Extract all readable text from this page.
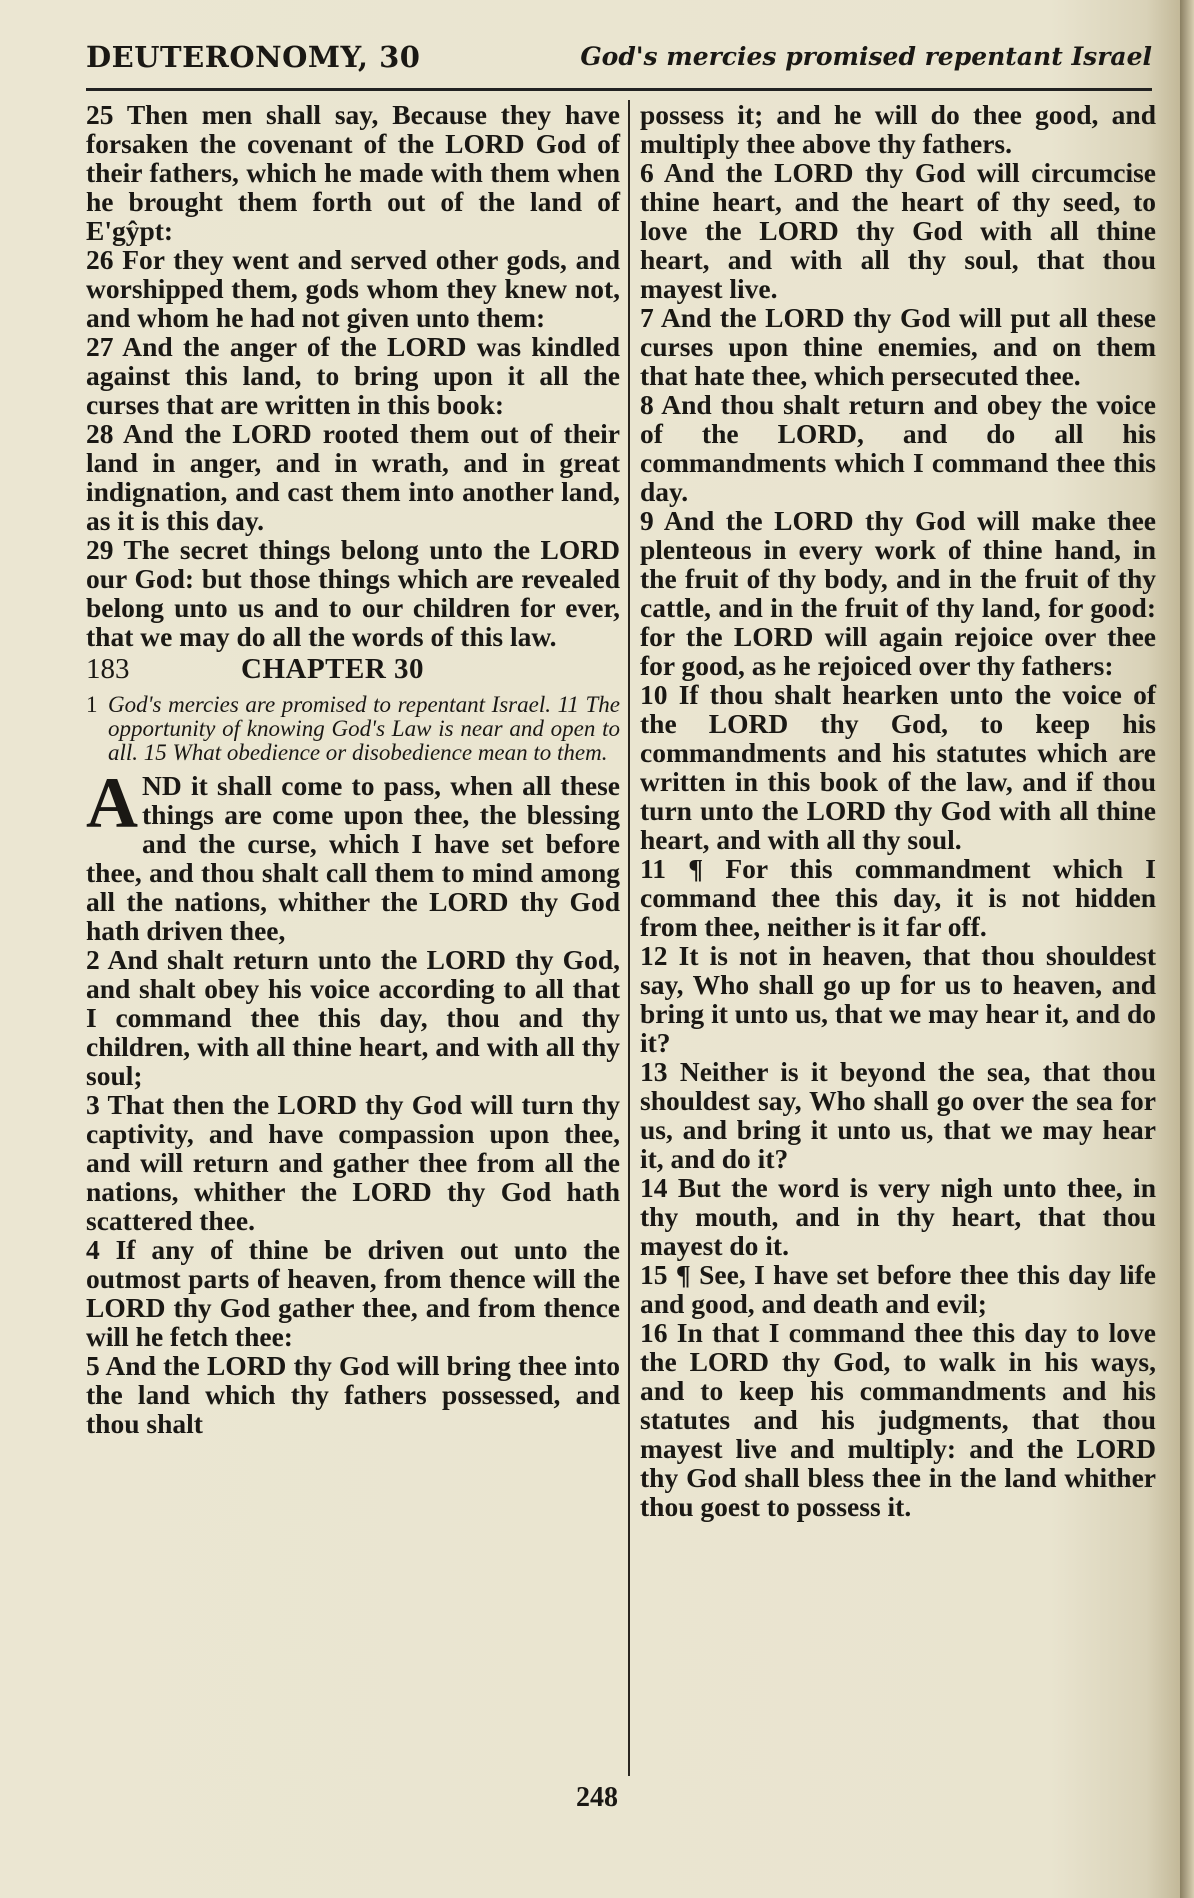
DEUTERONOMY, 30	God's mercies promised repentant Israel

25 Then men shall say, Because they have forsaken the covenant of the LORD God of their fathers, which he made with them when he brought them forth out of the land of E'gŷpt:

26 For they went and served other gods, and worshipped them, gods whom they knew not, and whom he had not given unto them:

27 And the anger of the LORD was kindled against this land, to bring upon it all the curses that are written in this book:

28 And the LORD rooted them out of their land in anger, and in wrath, and in great indignation, and cast them into another land, as it is this day.

29 The secret things belong unto the LORD our God: but those things which are revealed belong unto us and to our children for ever, that we may do all the words of this law.

183	CHAPTER 30
1 God's mercies are promised to repentant Israel. 11 The opportunity of knowing God's Law is near and open to all. 15 What obedience or disobedience mean to them.
A ND it shall come to pass, when all these things are come upon thee, the blessing and the curse, which I have set before thee, and thou shalt call them to mind among all the nations, whither the LORD thy God hath driven thee,

2 And shalt return unto the LORD thy God, and shalt obey his voice according to all that I command thee this day, thou and thy children, with all thine heart, and with all thy soul;

3 That then the LORD thy God will turn thy captivity, and have compassion upon thee, and will return and gather thee from all the nations, whither the LORD thy God hath scattered thee.

4 If any of thine be driven out unto the outmost parts of heaven, from thence will the LORD thy God gather thee, and from thence will he fetch thee:

5 And the LORD thy God will bring thee into the land which thy fathers possessed, and thou shalt

possess it; and he will do thee good, and multiply thee above thy fathers.

6 And the LORD thy God will circumcise thine heart, and the heart of thy seed, to love the LORD thy God with all thine heart, and with all thy soul, that thou mayest live.

7 And the LORD thy God will put all these curses upon thine enemies, and on them that hate thee, which persecuted thee.

8 And thou shalt return and obey the voice of the LORD, and do all his commandments which I command thee this day.

9 And the LORD thy God will make thee plenteous in every work of thine hand, in the fruit of thy body, and in the fruit of thy cattle, and in the fruit of thy land, for good: for the LORD will again rejoice over thee for good, as he rejoiced over thy fathers:

10 If thou shalt hearken unto the voice of the LORD thy God, to keep his commandments and his statutes which are written in this book of the law, and if thou turn unto the LORD thy God with all thine heart, and with all thy soul.

11 ¶ For this commandment which I command thee this day, it is not hidden from thee, neither is it far off.

12 It is not in heaven, that thou shouldest say, Who shall go up for us to heaven, and bring it unto us, that we may hear it, and do it?

13 Neither is it beyond the sea, that thou shouldest say, Who shall go over the sea for us, and bring it unto us, that we may hear it, and do it?

14 But the word is very nigh unto thee, in thy mouth, and in thy heart, that thou mayest do it.

15 ¶ See, I have set before thee this day life and good, and death and evil;

16 In that I command thee this day to love the LORD thy God, to walk in his ways, and to keep his commandments and his statutes and his judgments, that thou mayest live and multiply: and the LORD thy God shall bless thee in the land whither thou goest to possess it.

248
